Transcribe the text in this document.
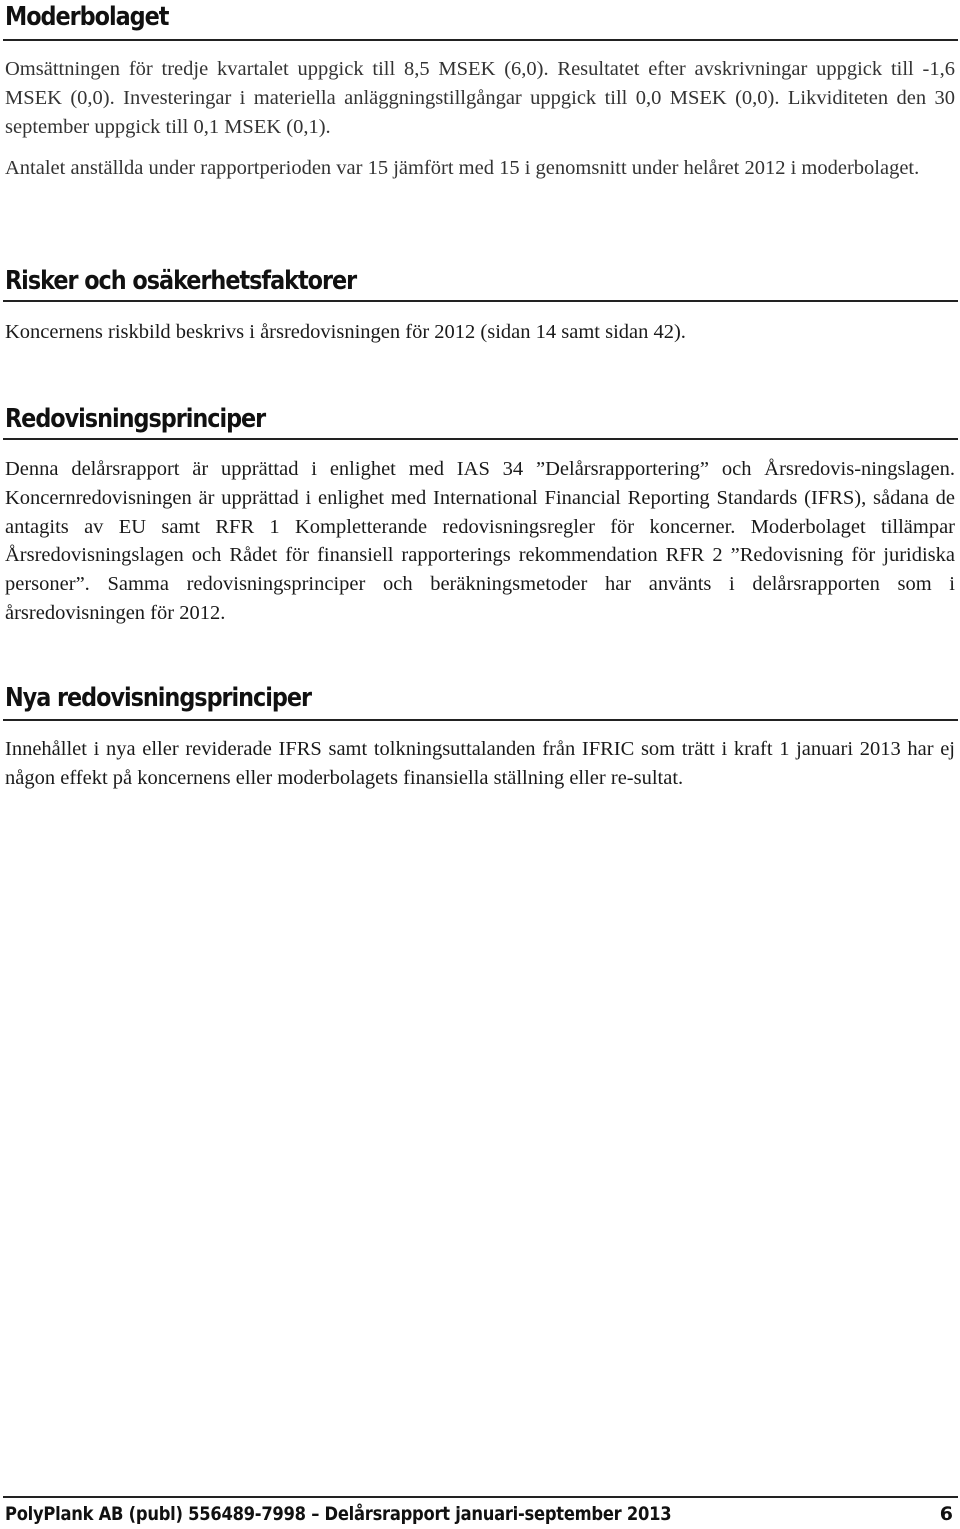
Moderbolaget

Omsättningen för tredje kvartalet uppgick till 8,5 MSEK (6,0). Resultatet efter avskrivningar uppgick till -1,6 MSEK (0,0). Investeringar i materiella anläggningstillgångar uppgick till 0,0 MSEK (0,0). Likviditeten den 30 september uppgick till 0,1 MSEK (0,1).

Antalet anställda under rapportperioden var 15 jämfört med 15 i genomsnitt under helåret 2012 i moderbolaget.

Risker och osäkerhetsfaktorer

Koncernens riskbild beskrivs i årsredovisningen för 2012 (sidan 14 samt sidan 42).

Redovisningsprinciper

Denna delårsrapport är upprättad i enlighet med IAS 34 ”Delårsrapportering” och Årsredovis-ningslagen. Koncernredovisningen är upprättad i enlighet med International Financial Reporting Standards (IFRS), sådana de antagits av EU samt RFR 1 Kompletterande redovisningsregler för koncerner. Moderbolaget tillämpar Årsredovisningslagen och Rådet för finansiell rapporterings rekommendation RFR 2 ”Redovisning för juridiska personer”. Samma redovisningsprinciper och beräkningsmetoder har använts i delårsrapporten som i årsredovisningen för 2012.

Nya redovisningsprinciper

Innehållet i nya eller reviderade IFRS samt tolkningsuttalanden från IFRIC som trätt i kraft 1 januari 2013 har ej någon effekt på koncernens eller moderbolagets finansiella ställning eller re-sultat.

PolyPlank AB (publ) 556489-7998 – Delårsrapport januari-september 2013	6
